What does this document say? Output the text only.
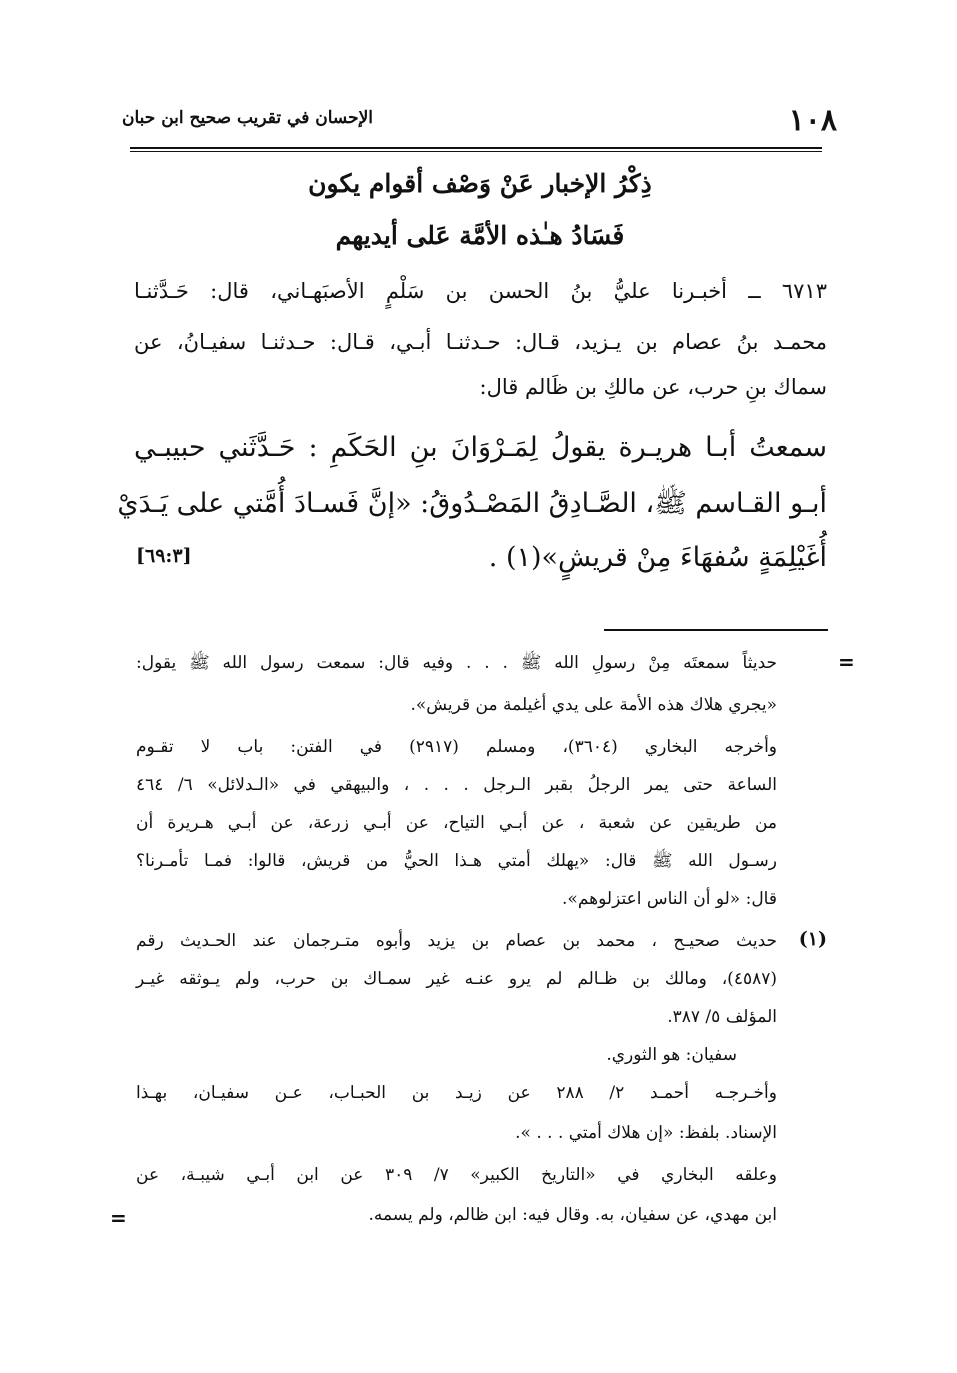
١٠٨
الإحسان في تقريب صحيح ابن حبان
ذِكْرُ الإخبار عَنْ وَصْف أقوام يكون
فَسَادُ هـٰذه الأمَّة عَلى أيديهم
٦٧١٣ ــ أخبـرنا عليُّ بنُ الحسن بن سَلْمٍ الأصبَهـاني، قال: حَـدَّثنـا
محمـد بنُ عصام بن يـزيد، قـال: حـدثنـا أبـي، قـال: حـدثنـا سفيـانُ، عن
سماك بنِ حرب، عن مالكِ بن ظَالم قال:
سمعتُ أبـا هريـرة يقولُ لِمَـرْوَانَ بنِ الحَكَمِ : حَـدَّثَني حبيبـي
أبـو القـاسم ﷺ، الصَّـادِقُ المَصْـدُوقُ: «إنَّ فَسـادَ أُمَّتي على يَـدَيْ
أُغَيْلِمَةٍ سُفهَاءَ مِنْ قريشٍ»(١) .
[٦٩:٣]
=
حديثاً سمعتَه مِنْ رسولِ الله ﷺ . . . وفيه قال: سمعت رسول الله ﷺ يقول:
«يجري هلاك هذه الأمة على يدي أغيلمة من قريش».
وأخرجه البخاري (٣٦٠٤)، ومسلم (٢٩١٧) في الفتن: باب لا تقـوم
الساعة حتى يمر الرجلُ بقبر الـرجل . . . ، والبيهقي في «الـدلائل» ٦/ ٤٦٤
من طريقين عن شعبة ، عن أبـي التياح، عن أبـي زرعة، عن أبـي هـريرة أن
رسـول الله ﷺ قال: «يهلك أمتي هـذا الحيُّ من قريش، قالوا: فمـا تأمـرنا؟
قال: «لو أن الناس اعتزلوهم».
(١)
حديث صحيـح ، محمد بن عصام بن يزيد وأبوه متـرجمان عند الحـديث رقم
(٤٥٨٧)، ومالك بن ظـالم لم يرو عنـه غير سمـاك بن حرب، ولم يـوثقه غيـر
المؤلف ٥/ ٣٨٧.
سفيان: هو الثوري.
وأخـرجـه أحمـد ٢/ ٢٨٨ عن زيـد بن الحبـاب، عـن سفيـان، بهـذا
الإسناد. بلفظ: «إن هلاك أمتي . . . ».
وعلقه البخاري في «التاريخ الكبير» ٧/ ٣٠٩ عن ابن أبـي شيبـة، عن
ابن مهدي، عن سفيان، به. وقال فيه: ابن ظالم، ولم يسمه.
=
